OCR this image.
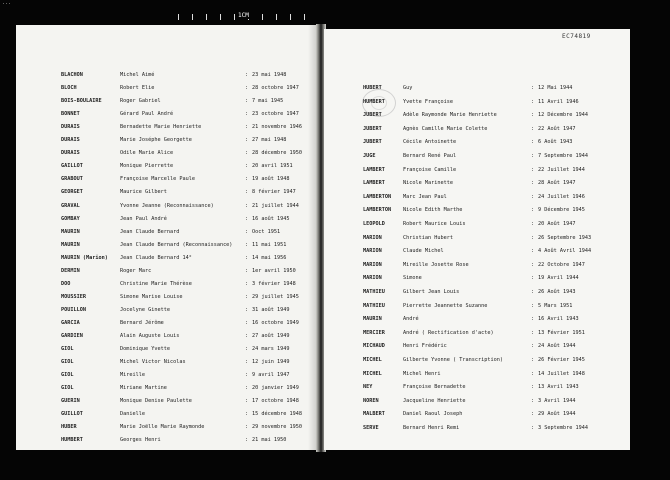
...
1CM
BLACHON	Michel Aimé	: 23 mai 1948
BLOCH	Robert Elie	: 28 octobre 1947
BOIS-BOULAIRE	Roger Gabriel	: 7 mai 1945
BONNET	Gérard Paul André	: 23 octobre 1947
DURAIS	Bernadette Marie Henriette	: 21 novembre 1946
DURAIS	Marie Joséphe Georgette	: 27 mai 1948
DURAIS	Odile Marie Alice	: 28 décembre 1950
GAILLOT	Monique Pierrette	: 20 avril 1951
GRABOUT	Françoise Marcelle Paule	: 19 août 1948
GEORGET	Maurice Gilbert	: 8 février 1947
GRAVAL	Yvonne Jeanne (Reconnaissance)	: 21 juillet 1944
GOMBAY	Jean Paul André	: 16 août 1945
MAURIN	Jean Claude Bernard	: Ooct 1951
MAURIN	Jean Claude Bernard (Reconnaissance) : 11 mai 1951
MAURIN (Marion) Jean Claude Bernard 14°	: 14 mai 1956
DERMIN	Roger Marc	: 1er avril 1950
DOO	Christine Marie Thérèse	: 3 février 1948
MOUSSIER	Simone Marise Louise	: 29 juillet 1945
POUILLON	Jocelyne Ginette	: 31 août 1949
GARCIA	Bernard Jérôme	: 16 octobre 1949
GARDIEN	Alain Auguste Louis	: 27 août 1949
GIOL	Dominique Yvette	: 24 mars 1949
GIOL	Michel Victor Nicolas	: 12 juin 1949
GIOL	Mireille	: 9 avril 1947
GIOL	Miriane Martine	: 20 janvier 1949
GUERIN	Monique Denise Paulette	: 17 octobre 1948
GUILLOT	Danielle	: 15 décembre 1948
HUBER	Marie Joëlle Marie Raymonde	: 29 novembre 1950
HUMBERT	Georges Henri	: 21 mai 1950
EC74819
HUBERT	Guy	: 12 Mai 1944
HUMBERT	Yvette Françoise	: 11 Avril 1946
JUBERT	Adèle Raymonde Marie Henriette	: 12 Décembre 1944
JUBERT	Agnès Camille Marie Colette	: 22 Août 1947
JUBERT	Cécile Antoinette	: 6 Août 1943
JUGE	Bernard René Paul	: 7 Septembre 1944
LAMBERT	Françoise Camille	: 22 Juillet 1944
LAMBERT	Nicole Marinette	: 28 Août 1947
LAMBERTON Marc Jean Paul	: 24 Juillet 1946
LAMBERTON Nicole Edith Marthe	: 9 Décembre 1945
LEOPOLD	Robert Maurice Louis	: 20 Août 1947
MARION	Christian Hubert	: 26 Septembre 1943
MARION	Claude Michel	: 4 Août Avril 1944
MARION	Mireille Josette Rose	: 22 Octobre 1947
MARION	Simone	: 19 Avril 1944
MATHIEU	Gilbert Jean Louis	: 26 Août 1943
MATHIEU	Pierrette Jeannette Suzanne	: 5 Mars 1951
MAURIN	André	: 16 Avril 1943
MERCIER	André ( Rectification d'acte)	: 13 Février 1951
MICHAUD	Henri Frédéric	: 24 Août 1944
MICHEL	Gilberte Yvonne ( Transcription)	: 26 Février 1945
MICHEL	Michel Henri	: 14 Juillet 1948
NEY	Françoise Bernadette	: 13 Avril 1943
NOREN	Jacqueline Henriette	: 3 Avril 1944
MALBERT	Daniel Raoul Joseph	: 29 Août 1944
SERVE	Bernard Henri Remi	: 3 Septembre 1944
